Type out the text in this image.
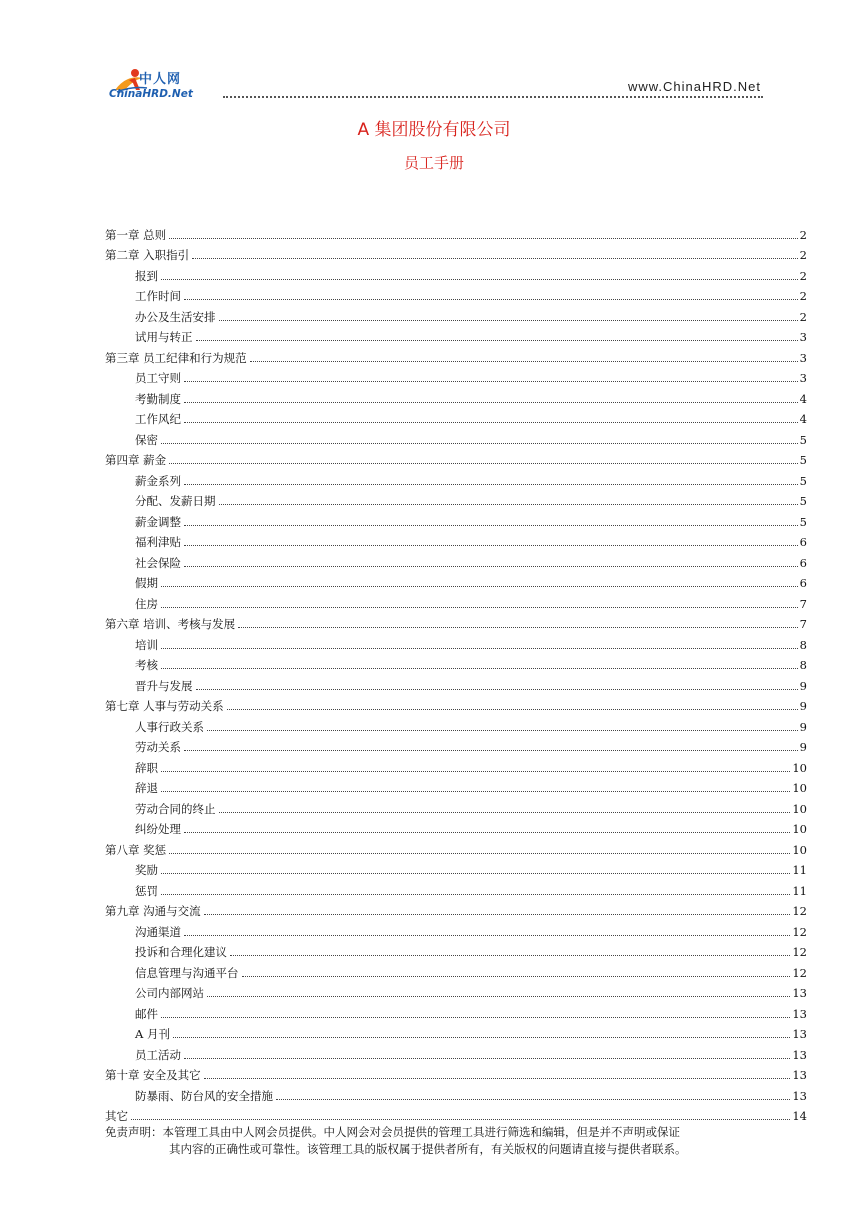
中人网
ChinaHRD.Net	www.ChinaHRD.Net
A 集团股份有限公司
员工手册
第一章 总则	2
第二章 入职指引	2
报到	2
工作时间	2
办公及生活安排	2
试用与转正	3
第三章 员工纪律和行为规范	3
员工守则	3
考勤制度	4
工作风纪	4
保密	5
第四章 薪金	5
薪金系列	5
分配、发薪日期	5
薪金调整	5
福利津贴	6
社会保险	6
假期	6
住房	7
第六章 培训、考核与发展	7
培训	8
考核	8
晋升与发展	9
第七章 人事与劳动关系	9
人事行政关系	9
劳动关系	9
辞职	10
辞退	10
劳动合同的终止	10
纠纷处理	10
第八章 奖惩	10
奖励	11
惩罚	11
第九章 沟通与交流	12
沟通渠道	12
投诉和合理化建议	12
信息管理与沟通平台	12
公司内部网站	13
邮件	13
A 月刊	13
员工活动	13
第十章 安全及其它	13
防暴雨、防台风的安全措施	13
其它	14
免责声明：本管理工具由中人网会员提供。中人网会对会员提供的管理工具进行筛选和编辑，但是并不声明或保证
其内容的正确性或可靠性。该管理工具的版权属于提供者所有，有关版权的问题请直接与提供者联系。
